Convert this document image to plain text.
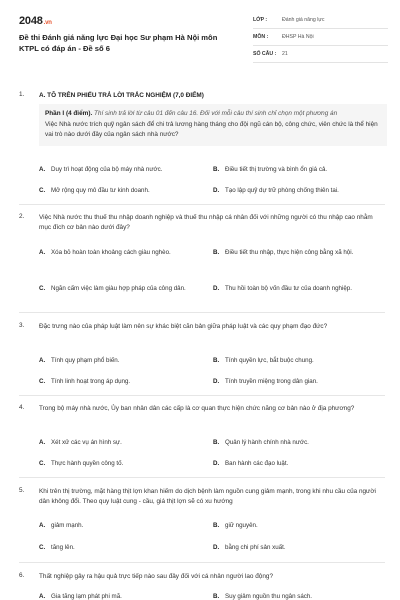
2048.vn
Đề thi Đánh giá năng lực Đại học Sư phạm Hà Nội môn KTPL có đáp án - Đề số 6
LỚP :	Đánh giá năng lực
MÔN :	ĐHSP Hà Nội
SỐ CÂU :	21
1. A. TÔ TRÊN PHIẾU TRẢ LỜI TRẮC NGHIỆM (7,0 ĐIỂM)
Phần I (4 điểm). Thí sinh trả lời từ câu 01 đến câu 16. Đối với mỗi câu thí sinh chỉ chọn một phương án
Việc Nhà nước trích quỹ ngân sách để chi trả lương hàng tháng cho đội ngũ cán bộ, công chức, viên chức là thể hiện vai trò nào dưới đây của ngân sách nhà nước?
A. Duy trì hoạt động của bộ máy nhà nước.	B. Điều tiết thị trường và bình ổn giá cả.
C. Mở rộng quy mô đầu tư kinh doanh.	D. Tạo lập quỹ dự trữ phòng chống thiên tai.
2. Việc Nhà nước thu thuế thu nhập doanh nghiệp và thuế thu nhập cá nhân đối với những người có thu nhập cao nhằm mục đích cơ bản nào dưới đây?
A. Xóa bỏ hoàn toàn khoảng cách giàu nghèo.	B. Điều tiết thu nhập, thực hiện công bằng xã hội.
C. Ngăn cấm việc làm giàu hợp pháp của công dân.	D. Thu hồi toàn bộ vốn đầu tư của doanh nghiệp.
3. Đặc trưng nào của pháp luật làm nên sự khác biệt căn bản giữa pháp luật và các quy phạm đạo đức?
A. Tính quy phạm phổ biến.	B. Tính quyền lực, bắt buộc chung.
C. Tính linh hoạt trong áp dụng.	D. Tính truyền miệng trong dân gian.
4. Trong bộ máy nhà nước, Ủy ban nhân dân các cấp là cơ quan thực hiện chức năng cơ bản nào ở địa phương?
A. Xét xử các vụ án hình sự.	B. Quản lý hành chính nhà nước.
C. Thực hành quyền công tố.	D. Ban hành các đạo luật.
5. Khi trên thị trường, mặt hàng thịt lợn khan hiếm do dịch bệnh làm nguồn cung giảm mạnh, trong khi nhu cầu của người dân không đổi. Theo quy luật cung - cầu, giá thịt lợn sẽ có xu hướng
A. giảm mạnh.	B. giữ nguyên.
C. tăng lên.	D. bằng chi phí sản xuất.
6. Thất nghiệp gây ra hậu quả trực tiếp nào sau đây đối với cá nhân người lao động?
A. Gia tăng lạm phát phi mã.	B. Suy giảm nguồn thu ngân sách.
